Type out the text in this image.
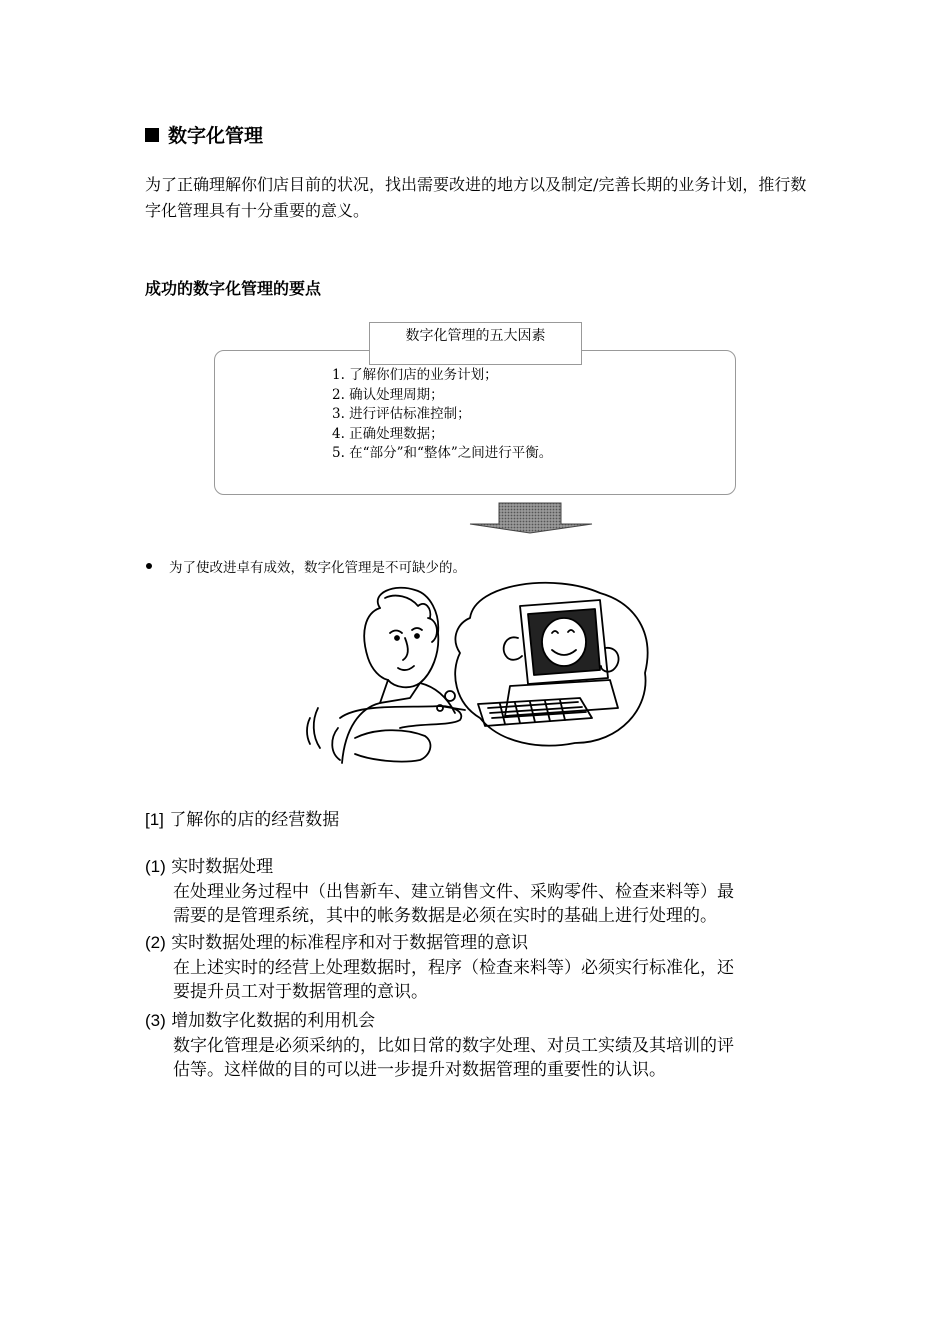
数字化管理
为了正确理解你们店目前的状况，找出需要改进的地方以及制定/完善长期的业务计划，推行数字化管理具有十分重要的意义。
成功的数字化管理的要点
数字化管理的五大因素
1. 了解你们店的业务计划；
2. 确认处理周期；
3. 进行评估标准控制；
4. 正确处理数据；
5. 在“部分”和“整体”之间进行平衡。
为了使改进卓有成效，数字化管理是不可缺少的。
[1] 了解你的店的经营数据
(1) 实时数据处理
在处理业务过程中（出售新车、建立销售文件、采购零件、检查来料等）最
需要的是管理系统，其中的帐务数据是必须在实时的基础上进行处理的。
(2) 实时数据处理的标准程序和对于数据管理的意识
在上述实时的经营上处理数据时，程序（检查来料等）必须实行标准化，还
要提升员工对于数据管理的意识。
(3) 增加数字化数据的利用机会
数字化管理是必须采纳的，比如日常的数字处理、对员工实绩及其培训的评
估等。这样做的目的可以进一步提升对数据管理的重要性的认识。
